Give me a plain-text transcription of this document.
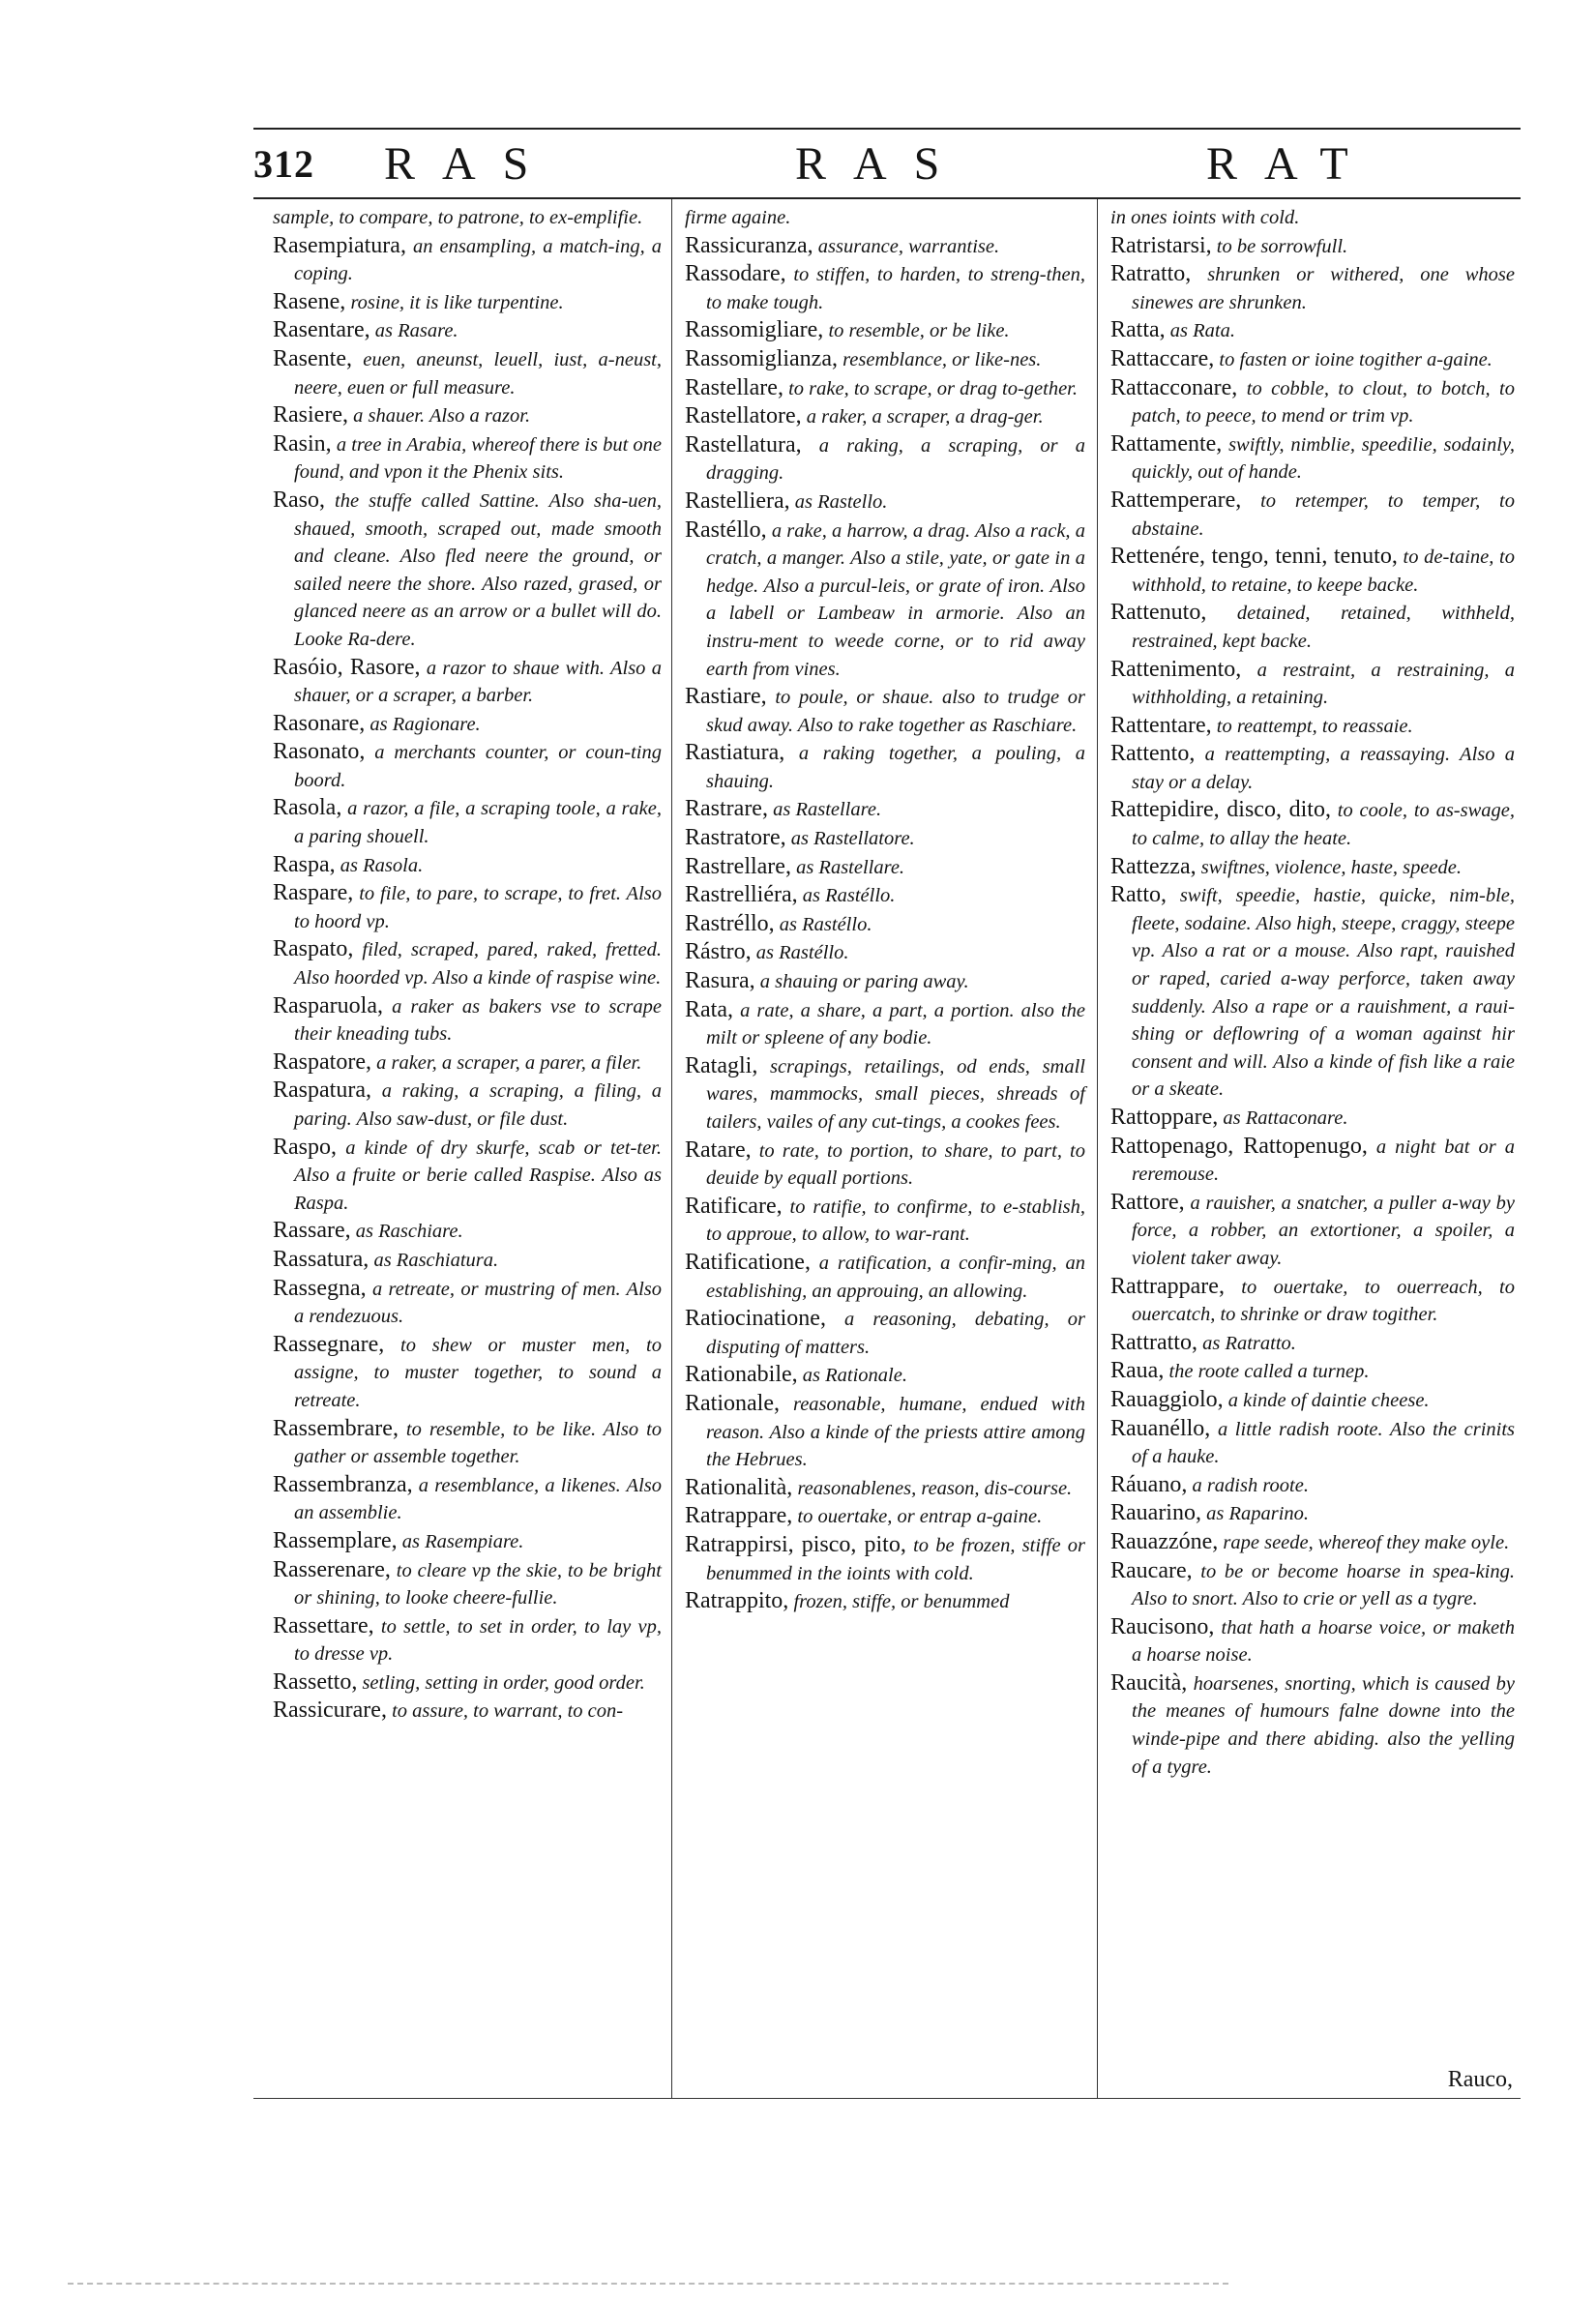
312 RAS	RAS	RAT

sample, to compare, to patrone, to ex-emplifie.

Rasempiatura, an ensampling, a match-ing, a coping.

Rasene, rosine, it is like turpentine.

Rasentare, as Rasare.

Rasente, euen, aneunst, leuell, iust, a-neust, neere, euen or full measure.

Rasiere, a shauer. Also a razor.

Rasin, a tree in Arabia, whereof there is but one found, and vpon it the Phenix sits.

Raso, the stuffe called Sattine. Also sha-uen, shaued, smooth, scraped out, made smooth and cleane. Also fled neere the ground, or sailed neere the shore. Also razed, grased, or glanced neere as an arrow or a bullet will do. Looke Ra-dere.

Rasóio, Rasore, a razor to shaue with. Also a shauer, or a scraper, a barber.

Rasonare, as Ragionare.

Rasonato, a merchants counter, or coun-ting boord.

Rasola, a razor, a file, a scraping toole, a rake, a paring shouell.

Raspa, as Rasola.

Raspare, to file, to pare, to scrape, to fret. Also to hoord vp.

Raspato, filed, scraped, pared, raked, fretted. Also hoorded vp. Also a kinde of raspise wine.

Rasparuola, a raker as bakers vse to scrape their kneading tubs.

Raspatore, a raker, a scraper, a parer, a filer.

Raspatura, a raking, a scraping, a filing, a paring. Also saw-dust, or file dust.

Raspo, a kinde of dry skurfe, scab or tet-ter. Also a fruite or berie called Raspise. Also as Raspa.

Rassare, as Raschiare.

Rassatura, as Raschiatura.

Rassegna, a retreate, or mustring of men. Also a rendezuous.

Rassegnare, to shew or muster men, to assigne, to muster together, to sound a retreate.

Rassembrare, to resemble, to be like. Also to gather or assemble together.

Rassembranza, a resemblance, a likenes. Also an assemblie.

Rassemplare, as Rasempiare.

Rasserenare, to cleare vp the skie, to be bright or shining, to looke cheere-fullie.

Rassettare, to settle, to set in order, to lay vp, to dresse vp.

Rassetto, setling, setting in order, good order.

Rassicurare, to assure, to warrant, to con-

firme againe.

Rassicuranza, assurance, warrantise.

Rassodare, to stiffen, to harden, to streng-then, to make tough.

Rassomigliare, to resemble, or be like.

Rassomiglianza, resemblance, or like-nes.

Rastellare, to rake, to scrape, or drag to-gether.

Rastellatore, a raker, a scraper, a drag-ger.

Rastellatura, a raking, a scraping, or a dragging.

Rastelliera, as Rastello.

Rastéllo, a rake, a harrow, a drag. Also a rack, a cratch, a manger. Also a stile, yate, or gate in a hedge. Also a purcul-leis, or grate of iron. Also a labell or Lambeaw in armorie. Also an instru-ment to weede corne, or to rid away earth from vines.

Rastiare, to poule, or shaue. also to trudge or skud away. Also to rake together as Raschiare.

Rastiatura, a raking together, a pouling, a shauing.

Rastrare, as Rastellare.

Rastratore, as Rastellatore.

Rastrellare, as Rastellare.

Rastrelliéra, as Rastéllo.

Rastréllo, as Rastéllo.

Rástro, as Rastéllo.

Rasura, a shauing or paring away.

Rata, a rate, a share, a part, a portion. also the milt or spleene of any bodie.

Ratagli, scrapings, retailings, od ends, small wares, mammocks, small pieces, shreads of tailers, vailes of any cut-tings, a cookes fees.

Ratare, to rate, to portion, to share, to part, to deuide by equall portions.

Ratificare, to ratifie, to confirme, to e-stablish, to approue, to allow, to war-rant.

Ratificatione, a ratification, a confir-ming, an establishing, an approuing, an allowing.

Ratiocinatione, a reasoning, debating, or disputing of matters.

Rationabile, as Rationale.

Rationale, reasonable, humane, endued with reason. Also a kinde of the priests attire among the Hebrues.

Rationalità, reasonablenes, reason, dis-course.

Ratrappare, to ouertake, or entrap a-gaine.

Ratrappirsi, pisco, pito, to be frozen, stiffe or benummed in the ioints with cold.

Ratrappito, frozen, stiffe, or benummed

in ones ioints with cold.

Ratristarsi, to be sorrowfull.

Ratratto, shrunken or withered, one whose sinewes are shrunken.

Ratta, as Rata.

Rattaccare, to fasten or ioine togither a-gaine.

Rattacconare, to cobble, to clout, to botch, to patch, to peece, to mend or trim vp.

Rattamente, swiftly, nimblie, speedilie, sodainly, quickly, out of hande.

Rattemperare, to retemper, to temper, to abstaine.

Rettenére, tengo, tenni, tenuto, to de-taine, to withhold, to retaine, to keepe backe.

Rattenuto, detained, retained, withheld, restrained, kept backe.

Rattenimento, a restraint, a restraining, a withholding, a retaining.

Rattentare, to reattempt, to reassaie.

Rattento, a reattempting, a reassaying. Also a stay or a delay.

Rattepidire, disco, dito, to coole, to as-swage, to calme, to allay the heate.

Rattezza, swiftnes, violence, haste, speede.

Ratto, swift, speedie, hastie, quicke, nim-ble, fleete, sodaine. Also high, steepe, craggy, steepe vp. Also a rat or a mouse. Also rapt, rauished or raped, caried a-way perforce, taken away suddenly. Also a rape or a rauishment, a raui-shing or deflowring of a woman against hir consent and will. Also a kinde of fish like a raie or a skeate.

Rattoppare, as Rattaconare.

Rattopenago, Rattopenugo, a night bat or a reremouse.

Rattore, a rauisher, a snatcher, a puller a-way by force, a robber, an extortioner, a spoiler, a violent taker away.

Rattrappare, to ouertake, to ouerreach, to ouercatch, to shrinke or draw togither.

Rattratto, as Ratratto.

Raua, the roote called a turnep.

Rauaggiolo, a kinde of daintie cheese.

Rauanéllo, a little radish roote. Also the crinits of a hauke.

Ráuano, a radish roote.

Rauarino, as Raparino.

Rauazzóne, rape seede, whereof they make oyle.

Raucare, to be or become hoarse in spea-king. Also to snort. Also to crie or yell as a tygre.

Raucisono, that hath a hoarse voice, or maketh a hoarse noise.

Raucità, hoarsenes, snorting, which is caused by the meanes of humours falne downe into the winde-pipe and there abiding. also the yelling of a tygre.

Rauco,
